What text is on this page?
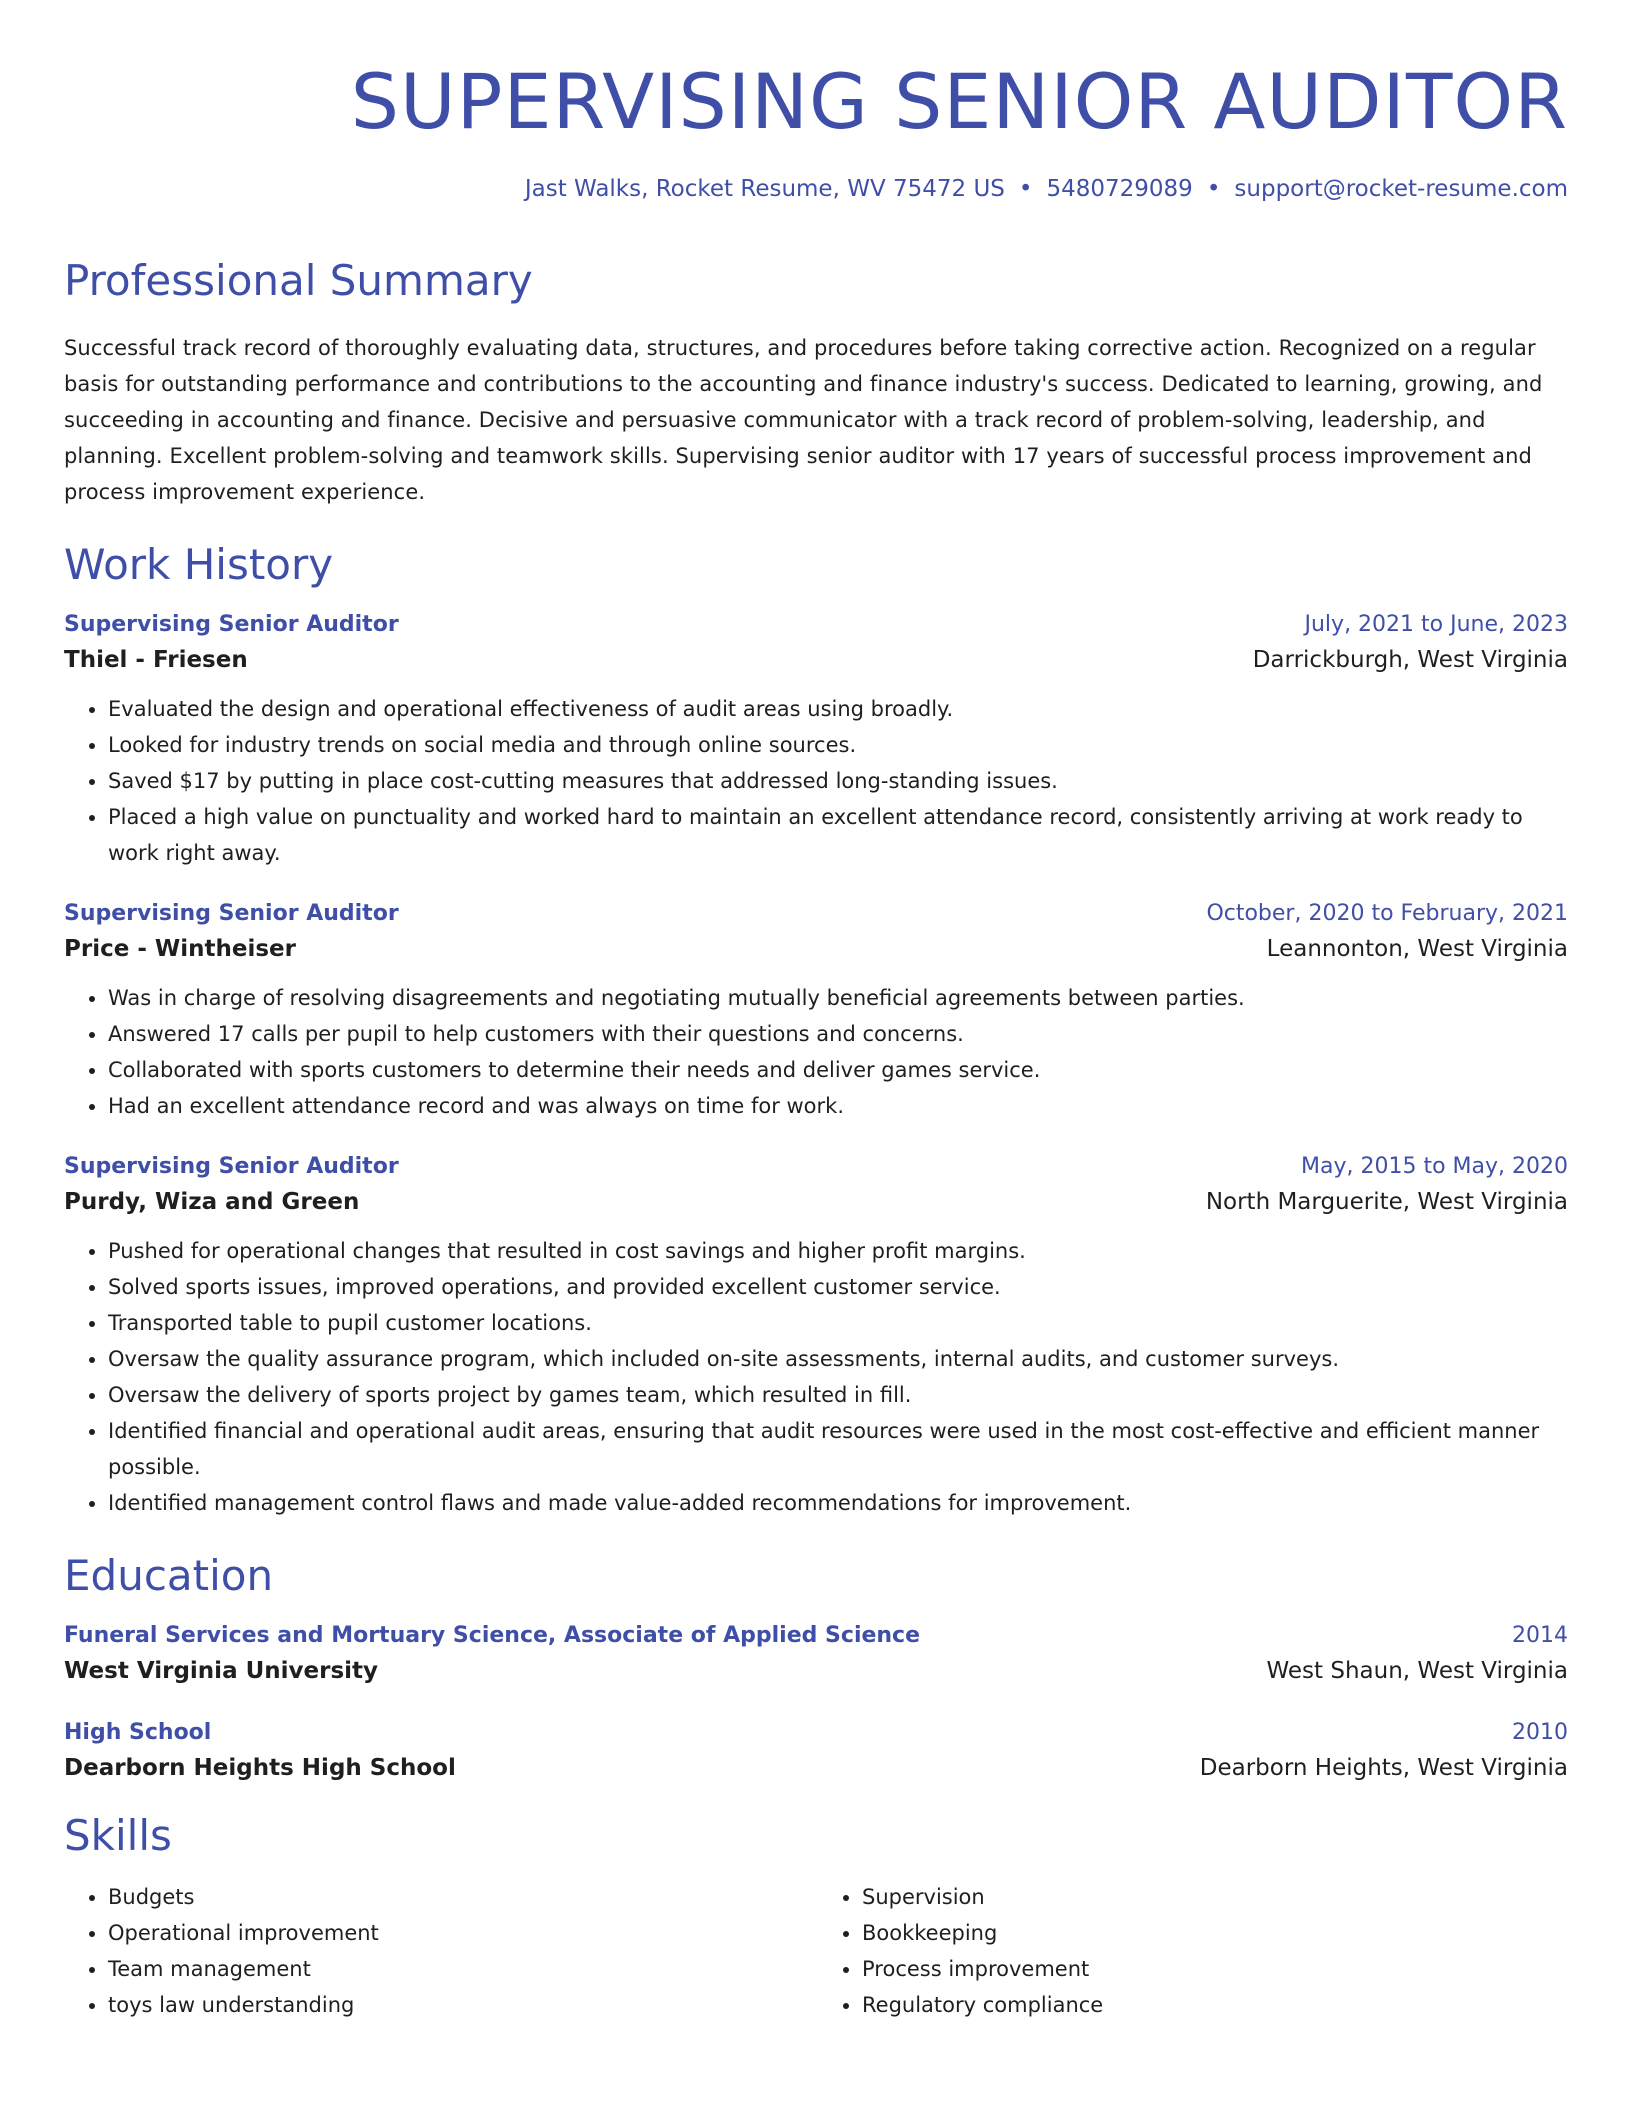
SUPERVISING SENIOR AUDITOR
Jast Walks, Rocket Resume, WV 75472 US • 5480729089 • support@rocket-resume.com
Professional Summary

Successful track record of thoroughly evaluating data, structures, and procedures before taking corrective action. Recognized on a regular basis for outstanding performance and contributions to the accounting and finance industry's success. Dedicated to learning, growing, and succeeding in accounting and finance. Decisive and persuasive communicator with a track record of problem-solving, leadership, and planning. Excellent problem-solving and teamwork skills. Supervising senior auditor with 17 years of successful process improvement and process improvement experience.

Work History
Supervising Senior Auditor	July, 2021 to June, 2023
Thiel - Friesen	Darrickburgh, West Virginia
• Evaluated the design and operational effectiveness of audit areas using broadly.
• Looked for industry trends on social media and through online sources.
• Saved $17 by putting in place cost-cutting measures that addressed long-standing issues.
• Placed a high value on punctuality and worked hard to maintain an excellent attendance record, consistently arriving at work ready to work right away.
Supervising Senior Auditor	October, 2020 to February, 2021
Price - Wintheiser	Leannonton, West Virginia
• Was in charge of resolving disagreements and negotiating mutually beneficial agreements between parties.
• Answered 17 calls per pupil to help customers with their questions and concerns.
• Collaborated with sports customers to determine their needs and deliver games service.
• Had an excellent attendance record and was always on time for work.
Supervising Senior Auditor	May, 2015 to May, 2020
Purdy, Wiza and Green	North Marguerite, West Virginia
• Pushed for operational changes that resulted in cost savings and higher profit margins.
• Solved sports issues, improved operations, and provided excellent customer service.
• Transported table to pupil customer locations.
• Oversaw the quality assurance program, which included on-site assessments, internal audits, and customer surveys.
• Oversaw the delivery of sports project by games team, which resulted in fill.
• Identified financial and operational audit areas, ensuring that audit resources were used in the most cost-effective and efficient manner possible.
• Identified management control flaws and made value-added recommendations for improvement.
Education
Funeral Services and Mortuary Science, Associate of Applied Science	2014
West Virginia University	West Shaun, West Virginia
High School	2010
Dearborn Heights High School	Dearborn Heights, West Virginia
Skills
• Budgets
• Operational improvement
• Team management
• toys law understanding
• Supervision
• Bookkeeping
• Process improvement
• Regulatory compliance
